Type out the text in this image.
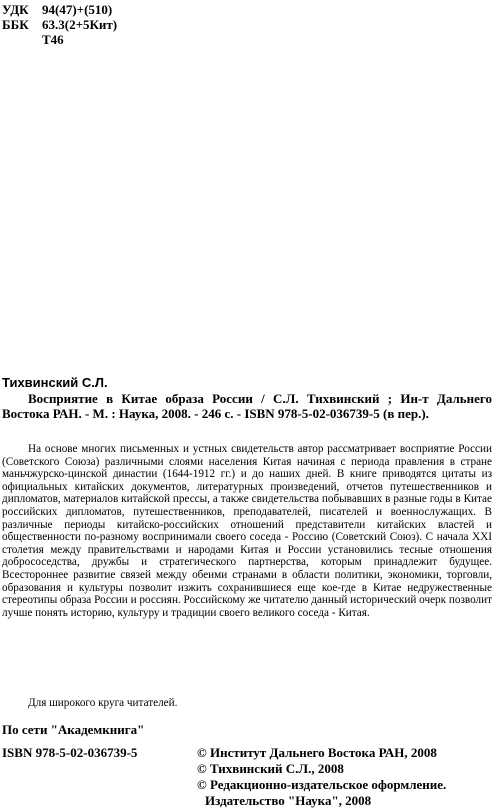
УДК 94(47)+(510)
ББК 63.3(2+5Кит)
Т46
Тихвинский С.Л.
Восприятие в Китае образа России / С.Л. Тихвинский ; Ин-т Дальнего Востока РАН. - М. : Наука, 2008. - 246 с. - ISBN 978-5-02-036739-5 (в пер.).
На основе многих письменных и устных свидетельств автор рассматривает восприятие России (Советского Союза) различными слоями населения Китая начиная с периода правления в стране маньчжурско-цинской династии (1644-1912 гг.) и до наших дней. В книге приводятся цитаты из официальных китайских документов, литературных произведений, отчетов путешественников и дипломатов, материалов китайской прессы, а также свидетельства побывавших в разные годы в Китае российских дипломатов, путешественников, преподавателей, писателей и военнослужащих. В различные периоды китайско-российских отношений представители китайских властей и общественности по-разному воспринимали своего соседа - Россию (Советский Союз). С начала XXI столетия между правительствами и народами Китая и России установились тесные отношения добрососедства, дружбы и стратегического партнерства, которым принадлежит будущее. Всестороннее развитие связей между обеими странами в области политики, экономики, торговли, образования и культуры позволит изжить сохранившиеся еще кое-где в Китае недружественные стереотипы образа России и россиян. Российскому же читателю данный исторический очерк позволит лучше понять историю, культуру и традиции своего великого соседа - Китая.
Для широкого круга читателей.
По сети "Академкнига"
ISBN 978-5-02-036739-5	© Институт Дальнего Востока РАН, 2008
© Тихвинский С.Л., 2008
© Редакционно-издательское оформление.
Издательство "Наука", 2008
